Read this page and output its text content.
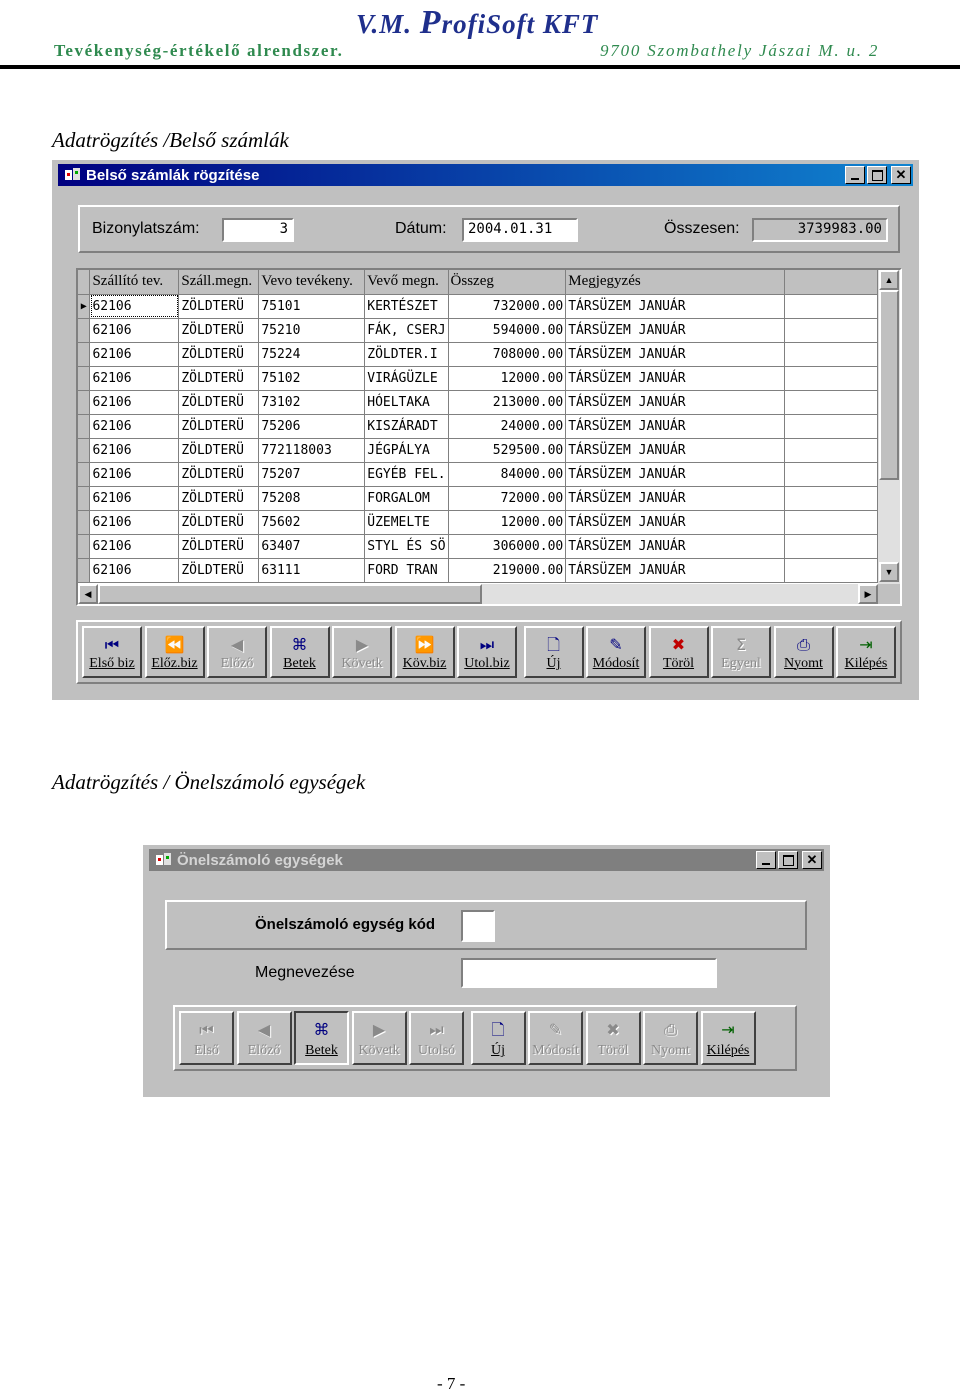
V.M. ProfiSoft KFT
Tevékenység-értékelő alrendszer.	9700 Szombathely Jászai M. u. 2
Adatrögzítés /Belső számlák
Belső számlák rögzítése	✕
Bizonylatszám:	3	Dátum:	2004.01.31	Összesen:	3739983.00
	Szállító tev.	Száll.megn.	Vevo tevékeny.	Vevő megn.	Összeg	Megjegyzés	
▶	62106	ZÖLDTERÜ	75101	KERTÉSZET	732000.00	TÁRSÜZEM JANUÁR	
	62106	ZÖLDTERÜ	75210	FÁK, CSERJ	594000.00	TÁRSÜZEM JANUÁR	
	62106	ZÖLDTERÜ	75224	ZÖLDTER.I	708000.00	TÁRSÜZEM JANUÁR	
	62106	ZÖLDTERÜ	75102	VIRÁGÜZLE	12000.00	TÁRSÜZEM JANUÁR	
	62106	ZÖLDTERÜ	73102	HÓELTAKA	213000.00	TÁRSÜZEM JANUÁR	
	62106	ZÖLDTERÜ	75206	KISZÁRADT	24000.00	TÁRSÜZEM JANUÁR	
	62106	ZÖLDTERÜ	772118003	JÉGPÁLYA	529500.00	TÁRSÜZEM JANUÁR	
	62106	ZÖLDTERÜ	75207	EGYÉB FEL.	84000.00	TÁRSÜZEM JANUÁR	
	62106	ZÖLDTERÜ	75208	FORGALOM	72000.00	TÁRSÜZEM JANUÁR	
	62106	ZÖLDTERÜ	75602	ÜZEMELTE	12000.00	TÁRSÜZEM JANUÁR	
	62106	ZÖLDTERÜ	63407	STYL ÉS SÖ	306000.00	TÁRSÜZEM JANUÁR	
	62106	ZÖLDTERÜ	63111	FORD TRAN	219000.00	TÁRSÜZEM JANUÁR	
▲
▼
◀	▶
⏮
Első biz
⏪
Előz.biz
◀
Előző
⌘
Betek
▶
Követk
⏩
Köv.biz
⏭
Utol.biz
🗋
Új
✎
Módosít
✖
Töröl
Σ
Egyenl
⎙
Nyomt
⇥
Kilépés
Adatrögzítés / Önelszámoló egységek
Önelszámoló egységek	✕
Önelszámoló egység kód
Megnevezése
⏮
Első
◀
Előző
⌘
Betek
▶
Követk
⏭
Utolsó
🗋
Új
✎
Módosít
✖
Töröl
⎙
Nyomt
⇥
Kilépés
- 7 -
